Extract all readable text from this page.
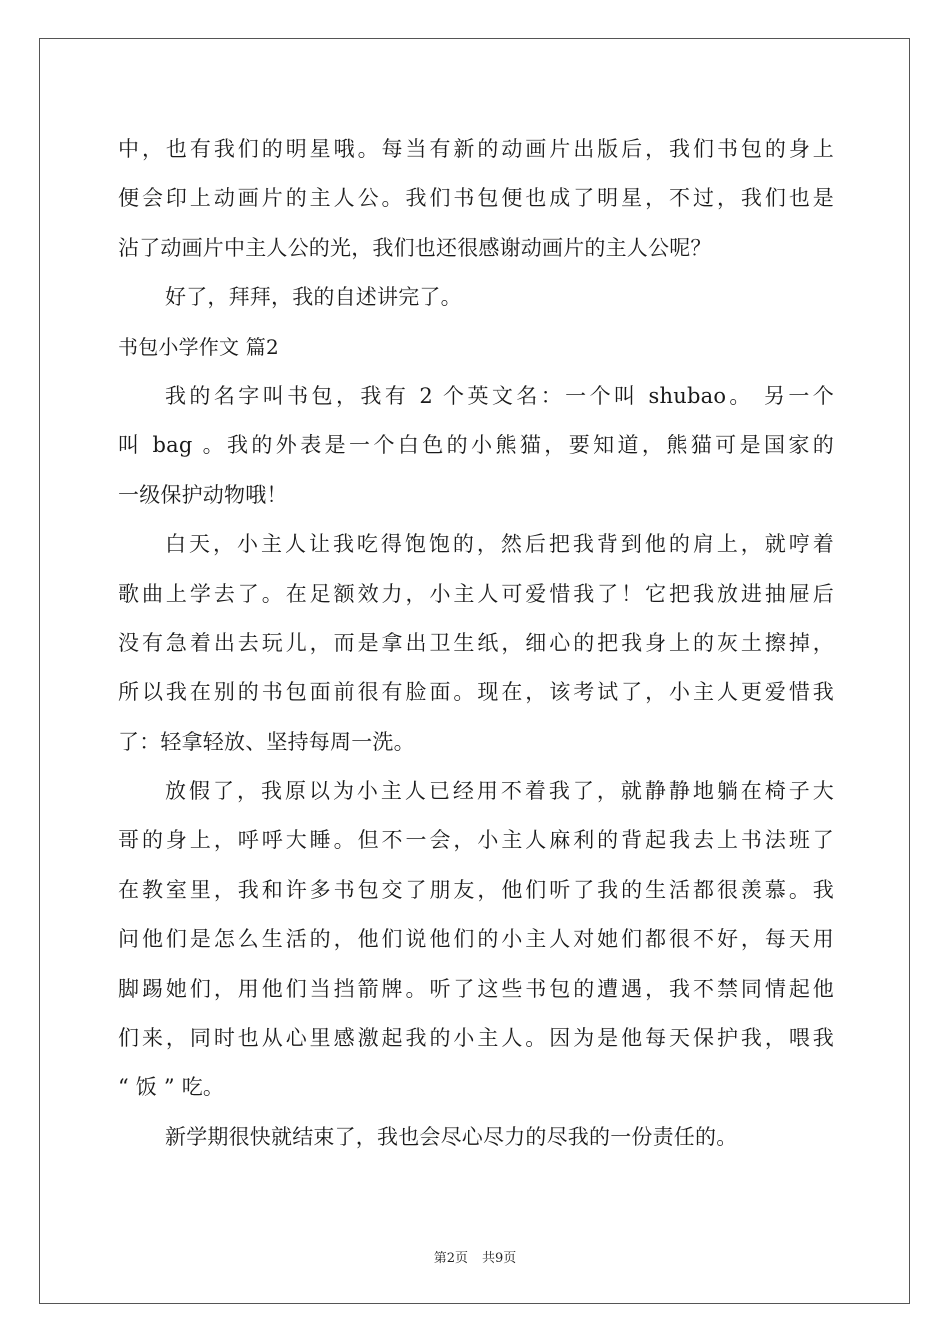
中，也有我们的明星哦。每当有新的动画片出版后，我们书包的身上
便会印上动画片的主人公。我们书包便也成了明星，不过，我们也是
沾了动画片中主人公的光，我们也还很感谢动画片的主人公呢？
好了，拜拜，我的自述讲完了。
书包小学作文 篇2
我的名字叫书包，我有 2 个英文名：一个叫 shubao。 另一个
叫 bag 。我的外表是一个白色的小熊猫，要知道，熊猫可是国家的
一级保护动物哦！
白天，小主人让我吃得饱饱的，然后把我背到他的肩上，就哼着
歌曲上学去了。在足额效力，小主人可爱惜我了！它把我放进抽屉后
没有急着出去玩儿，而是拿出卫生纸，细心的把我身上的灰土擦掉，
所以我在别的书包面前很有脸面。现在，该考试了，小主人更爱惜我
了：轻拿轻放、坚持每周一洗。
放假了，我原以为小主人已经用不着我了，就静静地躺在椅子大
哥的身上，呼呼大睡。但不一会，小主人麻利的背起我去上书法班了
在教室里，我和许多书包交了朋友，他们听了我的生活都很羡慕。我
问他们是怎么生活的，他们说他们的小主人对她们都很不好，每天用
脚踢她们，用他们当挡箭牌。听了这些书包的遭遇，我不禁同情起他
们来，同时也从心里感激起我的小主人。因为是他每天保护我，喂我
“ 饭 ” 吃。
新学期很快就结束了，我也会尽心尽力的尽我的一份责任的。
第2页 共9页
